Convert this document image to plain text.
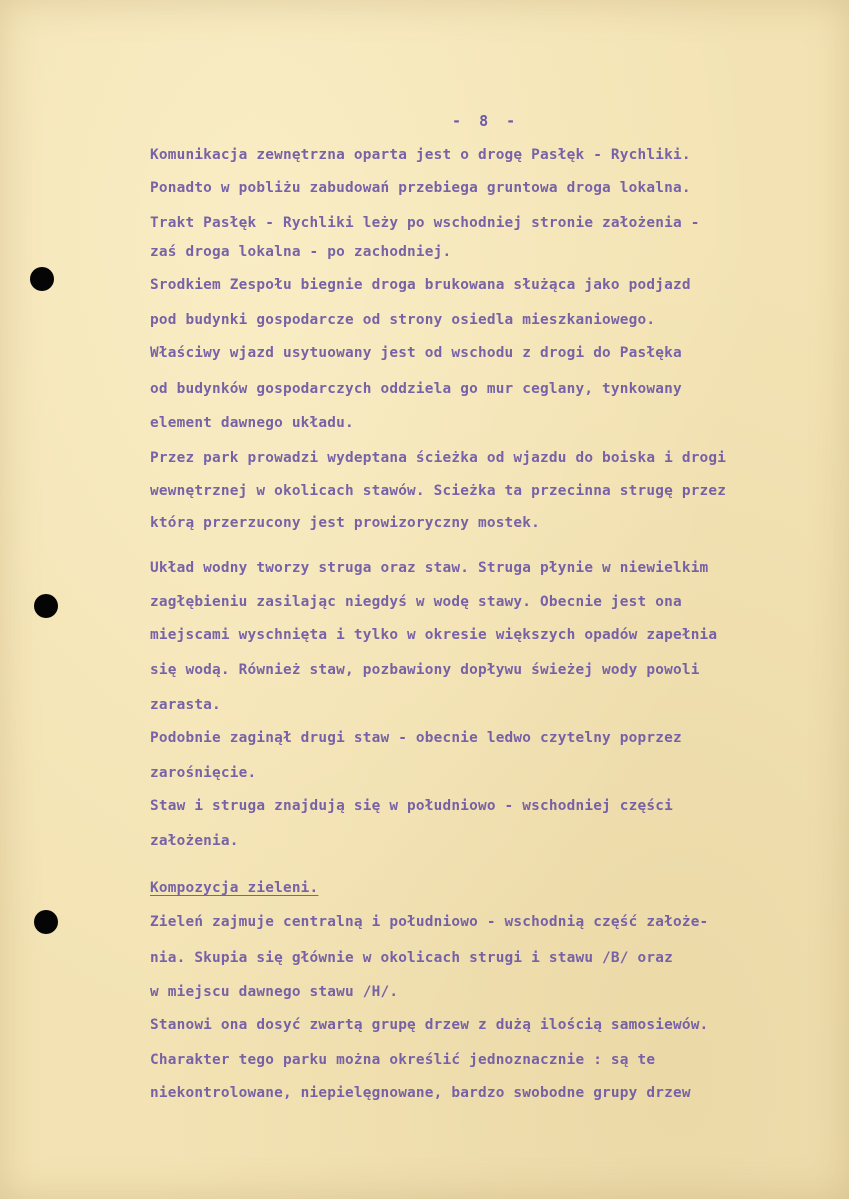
-  8  -
Komunikacja zewnętrzna oparta jest o drogę Pasłęk - Rychliki.
Ponadto w pobliżu zabudowań przebiega gruntowa droga lokalna.
Trakt Pasłęk - Rychliki leży po wschodniej stronie założenia -
zaś droga lokalna - po zachodniej.
Srodkiem Zespołu biegnie droga brukowana służąca jako podjazd
pod budynki gospodarcze od strony osiedla mieszkaniowego.
Właściwy wjazd usytuowany jest od wschodu z drogi do Pasłęka
od budynków gospodarczych oddziela go mur ceglany, tynkowany
element dawnego układu.
Przez park prowadzi wydeptana ścieżka od wjazdu do boiska i drogi
wewnętrznej w okolicach stawów. Scieżka ta przecinna strugę przez
którą przerzucony jest prowizoryczny mostek.
Układ wodny tworzy struga oraz staw. Struga płynie w niewielkim
zagłębieniu zasilając niegdyś w wodę stawy. Obecnie jest ona
miejscami wyschnięta i tylko w okresie większych opadów zapełnia
się wodą. Również staw, pozbawiony dopływu świeżej wody powoli
zarasta.
Podobnie zaginął drugi staw - obecnie ledwo czytelny poprzez
zarośnięcie.
Staw i struga znajdują się w południowo - wschodniej części
założenia.
Kompozycja zieleni.
Zieleń zajmuje centralną i południowo - wschodnią część założe-
nia. Skupia się głównie w okolicach strugi i stawu /B/ oraz
w miejscu dawnego stawu /H/.
Stanowi ona dosyć zwartą grupę drzew z dużą ilością samosiewów.
Charakter tego parku można określić jednoznacznie : są te
niekontrolowane, niepielęgnowane, bardzo swobodne grupy drzew
